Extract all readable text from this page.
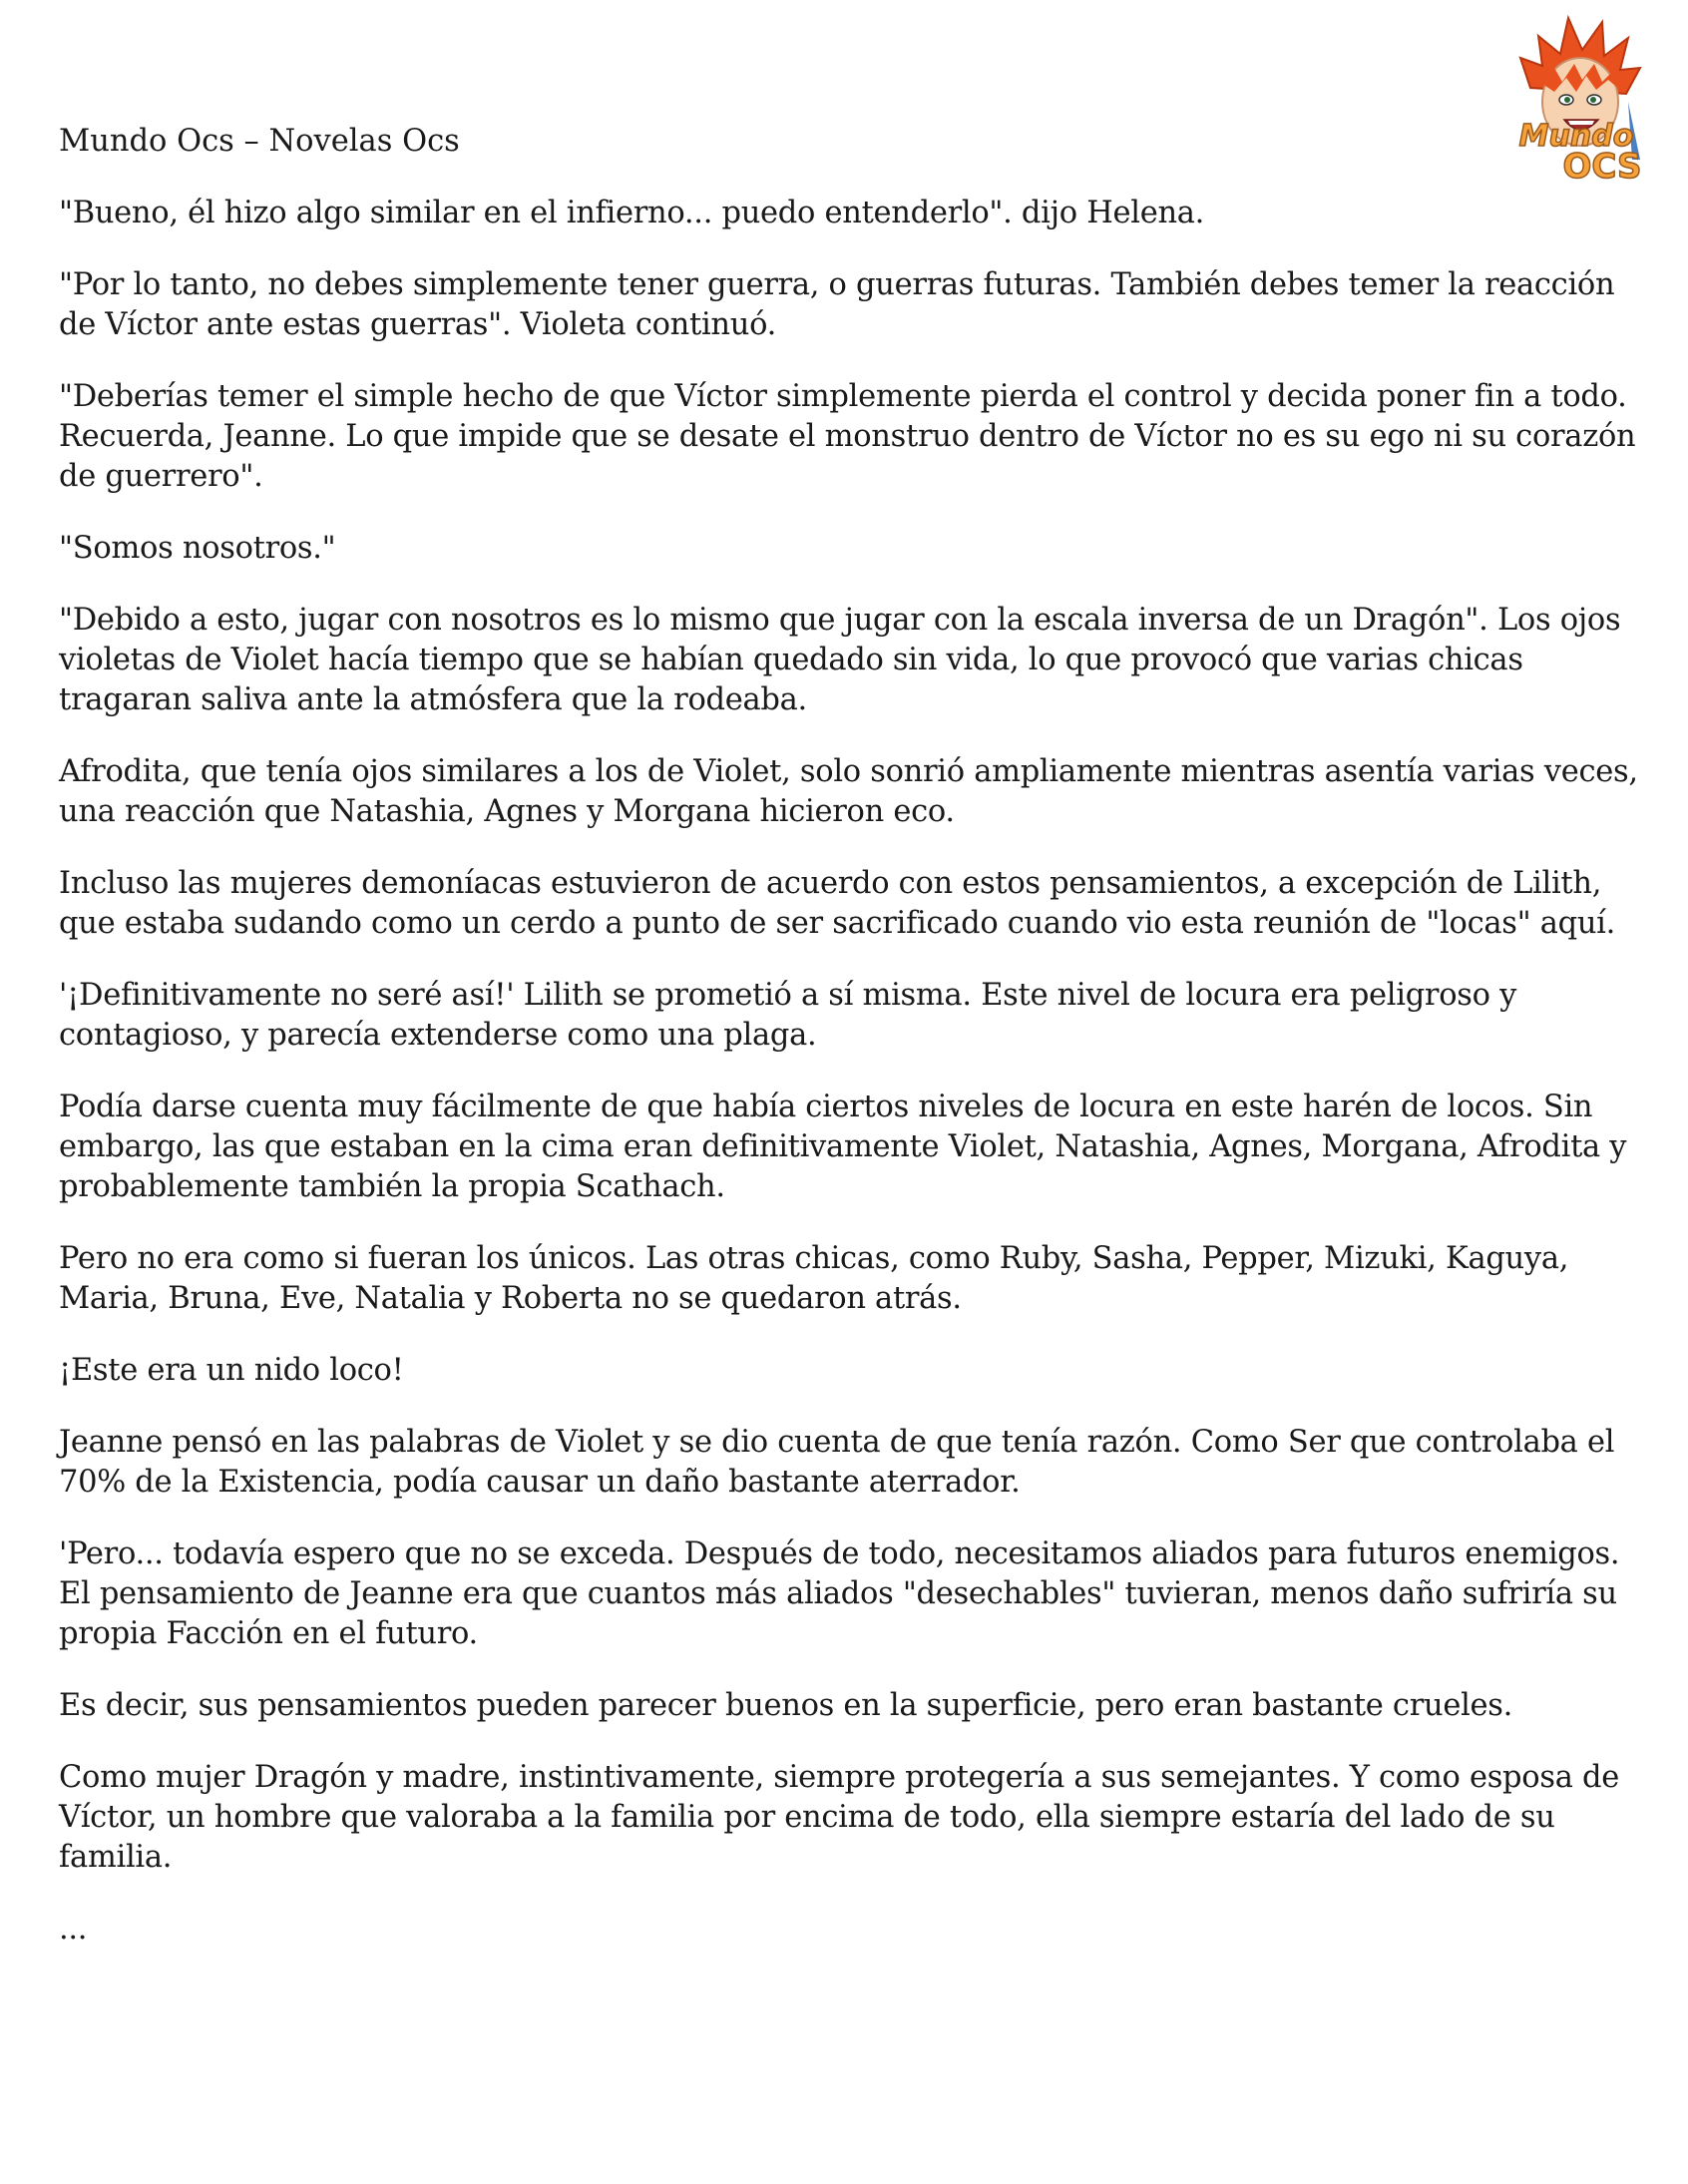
Mundo
OCS

Mundo Ocs – Novelas Ocs

"Bueno, él hizo algo similar en el infierno... puedo entenderlo". dijo Helena.

"Por lo tanto, no debes simplemente tener guerra, o guerras futuras. También debes temer la reacción de Víctor ante estas guerras". Violeta continuó.

"Deberías temer el simple hecho de que Víctor simplemente pierda el control y decida poner fin a todo. Recuerda, Jeanne. Lo que impide que se desate el monstruo dentro de Víctor no es su ego ni su corazón de guerrero".

"Somos nosotros."

"Debido a esto, jugar con nosotros es lo mismo que jugar con la escala inversa de un Dragón". Los ojos violetas de Violet hacía tiempo que se habían quedado sin vida, lo que provocó que varias chicas tragaran saliva ante la atmósfera que la rodeaba.

Afrodita, que tenía ojos similares a los de Violet, solo sonrió ampliamente mientras asentía varias veces, una reacción que Natashia, Agnes y Morgana hicieron eco.

Incluso las mujeres demoníacas estuvieron de acuerdo con estos pensamientos, a excepción de Lilith, que estaba sudando como un cerdo a punto de ser sacrificado cuando vio esta reunión de "locas" aquí.

'¡Definitivamente no seré así!' Lilith se prometió a sí misma. Este nivel de locura era peligroso y contagioso, y parecía extenderse como una plaga.

Podía darse cuenta muy fácilmente de que había ciertos niveles de locura en este harén de locos. Sin embargo, las que estaban en la cima eran definitivamente Violet, Natashia, Agnes, Morgana, Afrodita y probablemente también la propia Scathach.

Pero no era como si fueran los únicos. Las otras chicas, como Ruby, Sasha, Pepper, Mizuki, Kaguya, Maria, Bruna, Eve, Natalia y Roberta no se quedaron atrás.

¡Este era un nido loco!

Jeanne pensó en las palabras de Violet y se dio cuenta de que tenía razón. Como Ser que controlaba el 70% de la Existencia, podía causar un daño bastante aterrador.

'Pero... todavía espero que no se exceda. Después de todo, necesitamos aliados para futuros enemigos. El pensamiento de Jeanne era que cuantos más aliados "desechables" tuvieran, menos daño sufriría su propia Facción en el futuro.

Es decir, sus pensamientos pueden parecer buenos en la superficie, pero eran bastante crueles.

Como mujer Dragón y madre, instintivamente, siempre protegería a sus semejantes. Y como esposa de Víctor, un hombre que valoraba a la familia por encima de todo, ella siempre estaría del lado de su familia.

...
